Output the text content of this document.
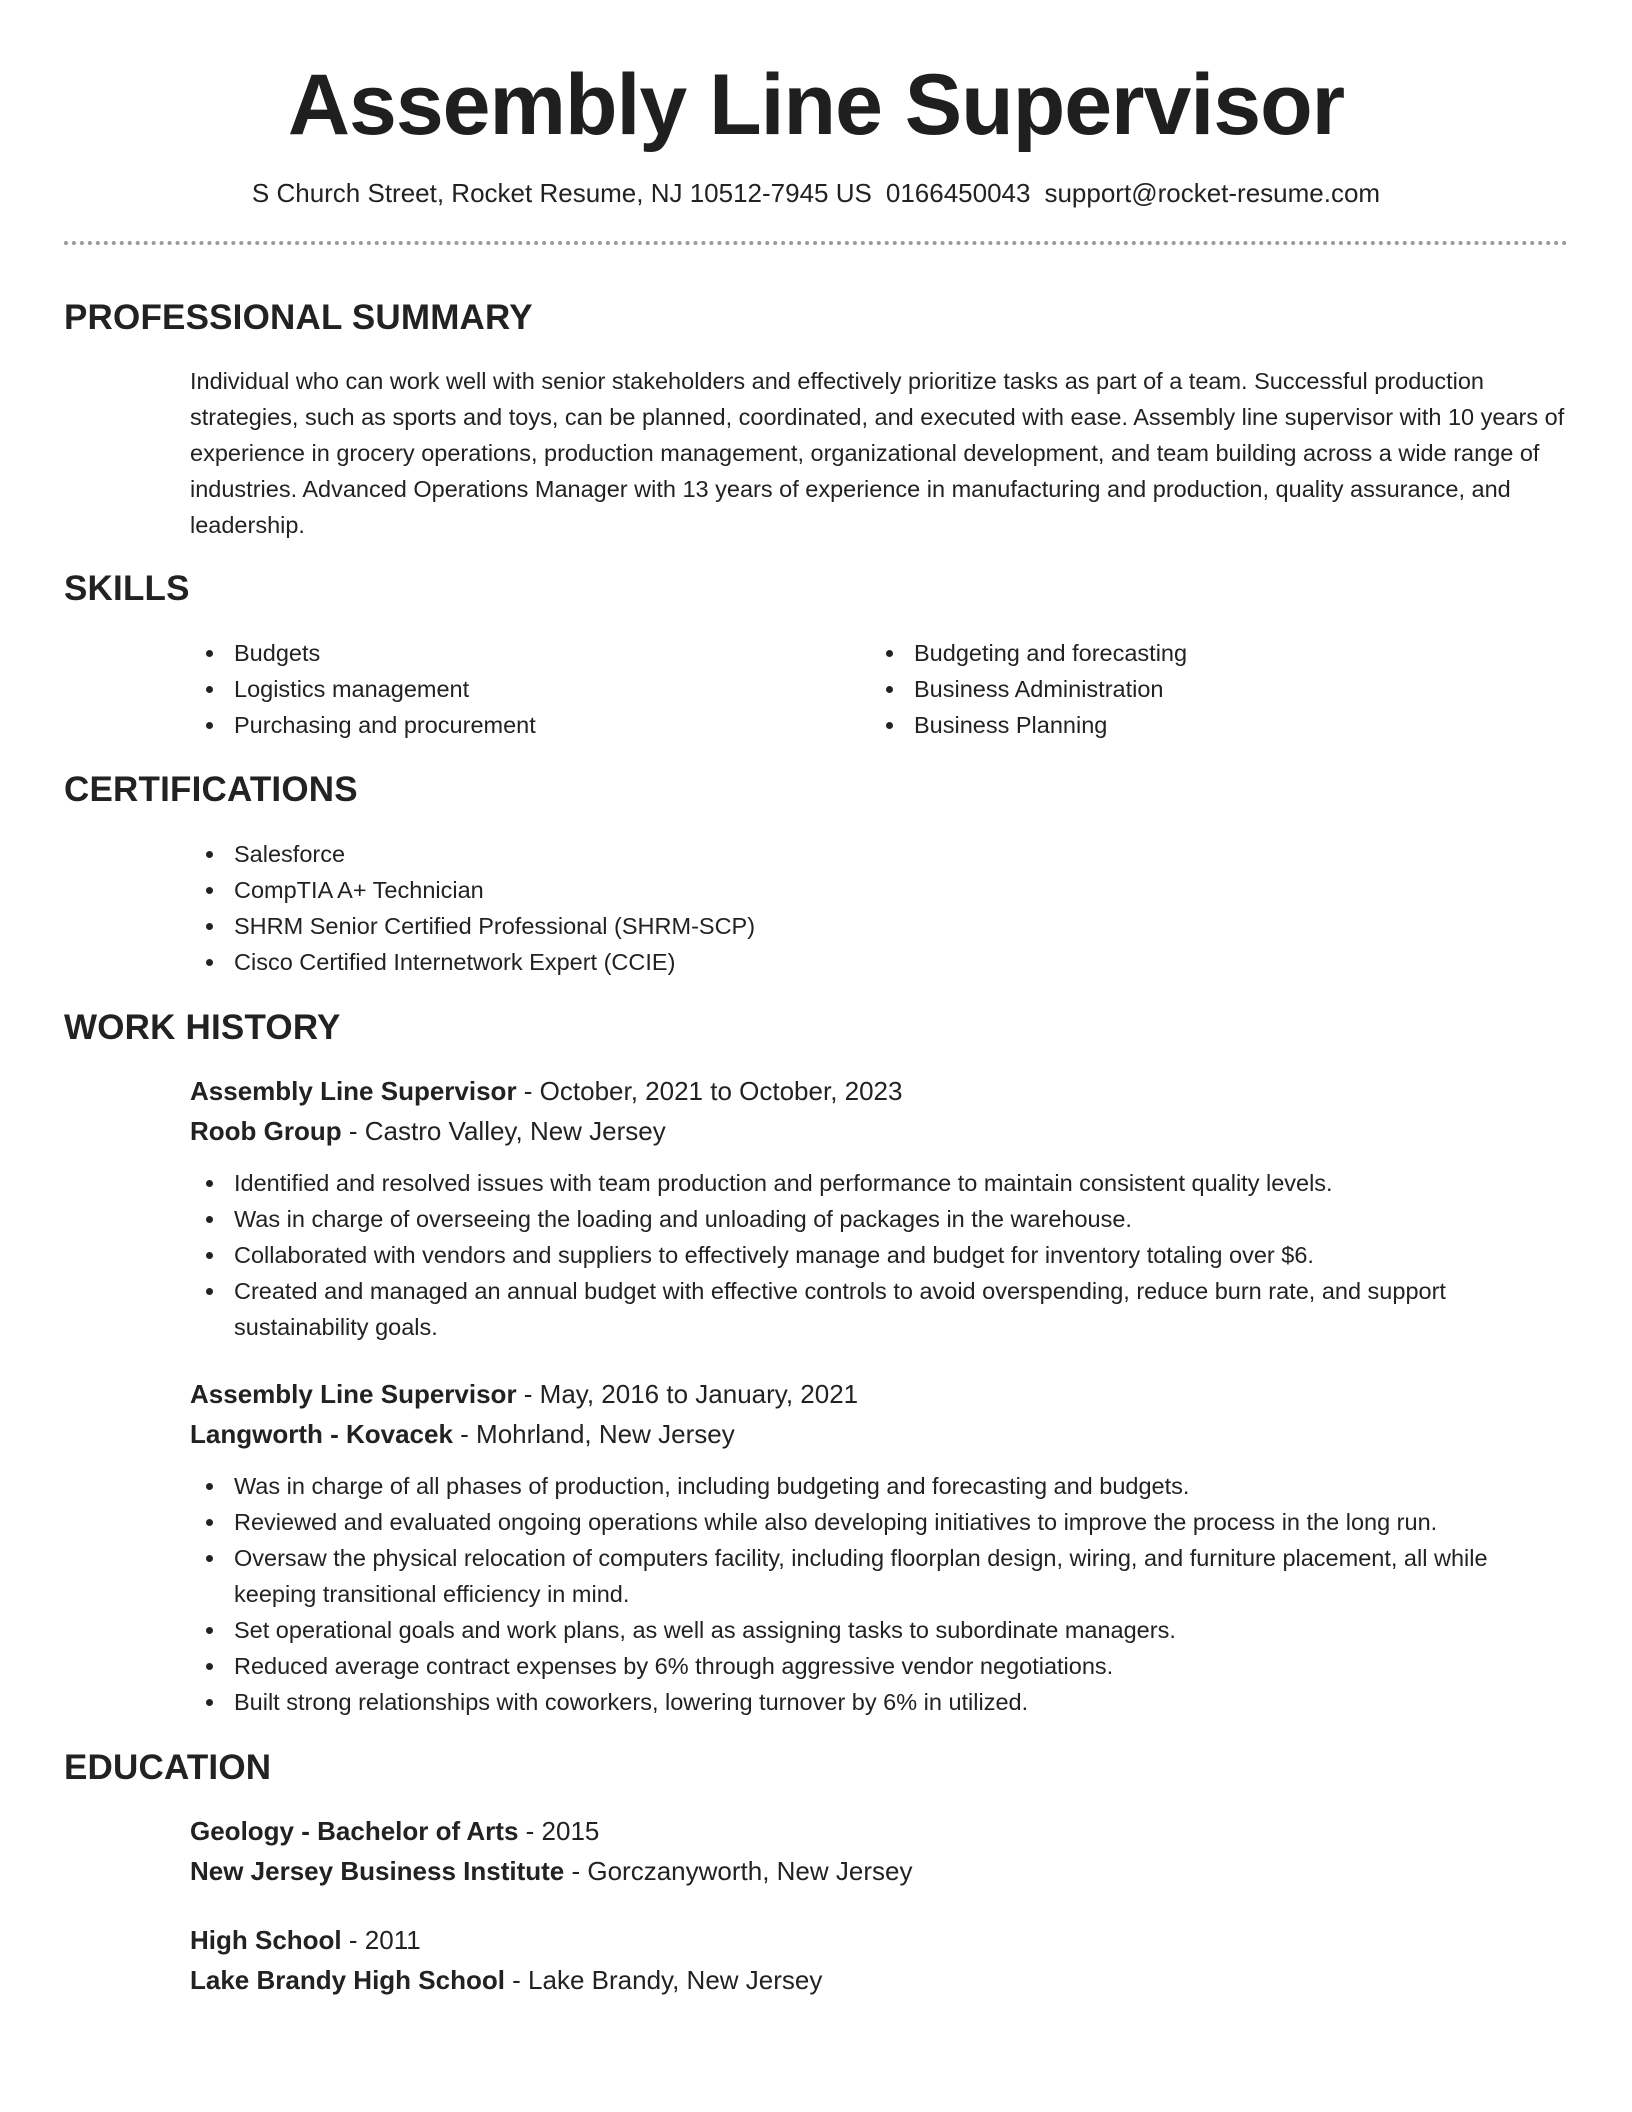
Assembly Line Supervisor
S Church Street, Rocket Resume, NJ 10512-7945 US 0166450043 support@rocket-resume.com
PROFESSIONAL SUMMARY

Individual who can work well with senior stakeholders and effectively prioritize tasks as part of a team. Successful production strategies, such as sports and toys, can be planned, coordinated, and executed with ease. Assembly line supervisor with 10 years of experience in grocery operations, production management, organizational development, and team building across a wide range of industries. Advanced Operations Manager with 13 years of experience in manufacturing and production, quality assurance, and leadership.

SKILLS
Budgets
Logistics management
Purchasing and procurement
Budgeting and forecasting
Business Administration
Business Planning
CERTIFICATIONS
Salesforce
CompTIA A+ Technician
SHRM Senior Certified Professional (SHRM-SCP)
Cisco Certified Internetwork Expert (CCIE)
WORK HISTORY
Assembly Line Supervisor - October, 2021 to October, 2023
Roob Group - Castro Valley, New Jersey
Identified and resolved issues with team production and performance to maintain consistent quality levels.
Was in charge of overseeing the loading and unloading of packages in the warehouse.
Collaborated with vendors and suppliers to effectively manage and budget for inventory totaling over $6.
Created and managed an annual budget with effective controls to avoid overspending, reduce burn rate, and support sustainability goals.
Assembly Line Supervisor - May, 2016 to January, 2021
Langworth - Kovacek - Mohrland, New Jersey
Was in charge of all phases of production, including budgeting and forecasting and budgets.
Reviewed and evaluated ongoing operations while also developing initiatives to improve the process in the long run.
Oversaw the physical relocation of computers facility, including floorplan design, wiring, and furniture placement, all while keeping transitional efficiency in mind.
Set operational goals and work plans, as well as assigning tasks to subordinate managers.
Reduced average contract expenses by 6% through aggressive vendor negotiations.
Built strong relationships with coworkers, lowering turnover by 6% in utilized.
EDUCATION
Geology - Bachelor of Arts - 2015
New Jersey Business Institute - Gorczanyworth, New Jersey
High School - 2011
Lake Brandy High School - Lake Brandy, New Jersey
